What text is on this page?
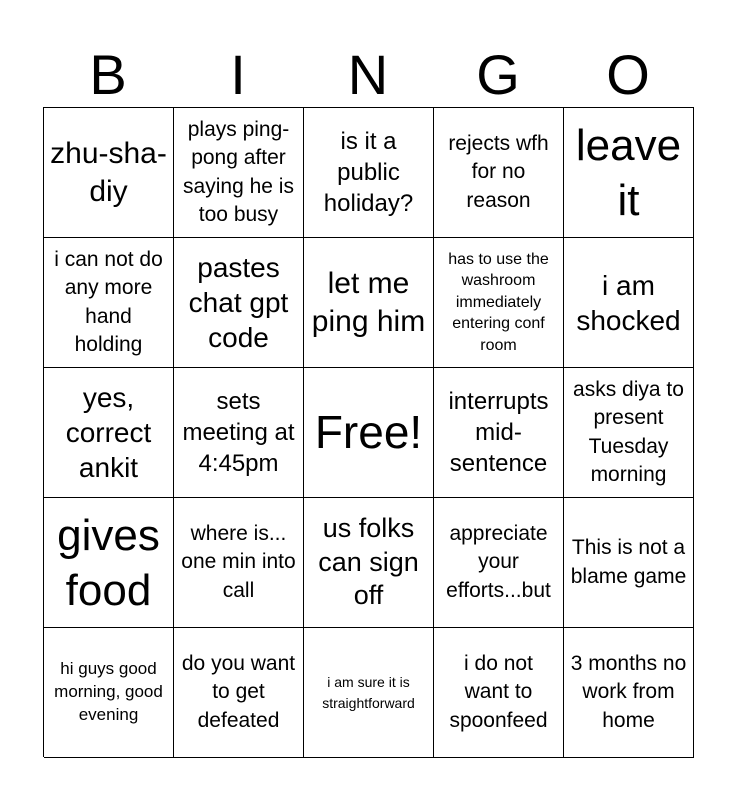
B	I	N	G	O
zhu-sha-diy
plays ping-pong after saying he is too busy
is it a public holiday?
rejects wfh for no reason
leave it
i can not do any more hand holding
pastes chat gpt code
let me ping him
has to use the washroom immediately entering conf room
i am shocked
yes, correct ankit
sets meeting at 4:45pm
Free!
interrupts mid-sentence
asks diya to present Tuesday morning
gives food
where is... one min into call
us folks can sign off
appreciate your efforts...but
This is not a blame game
hi guys good morning, good evening
do you want to get defeated
i am sure it is straightforward
i do not want to spoonfeed
3 months no work from home
